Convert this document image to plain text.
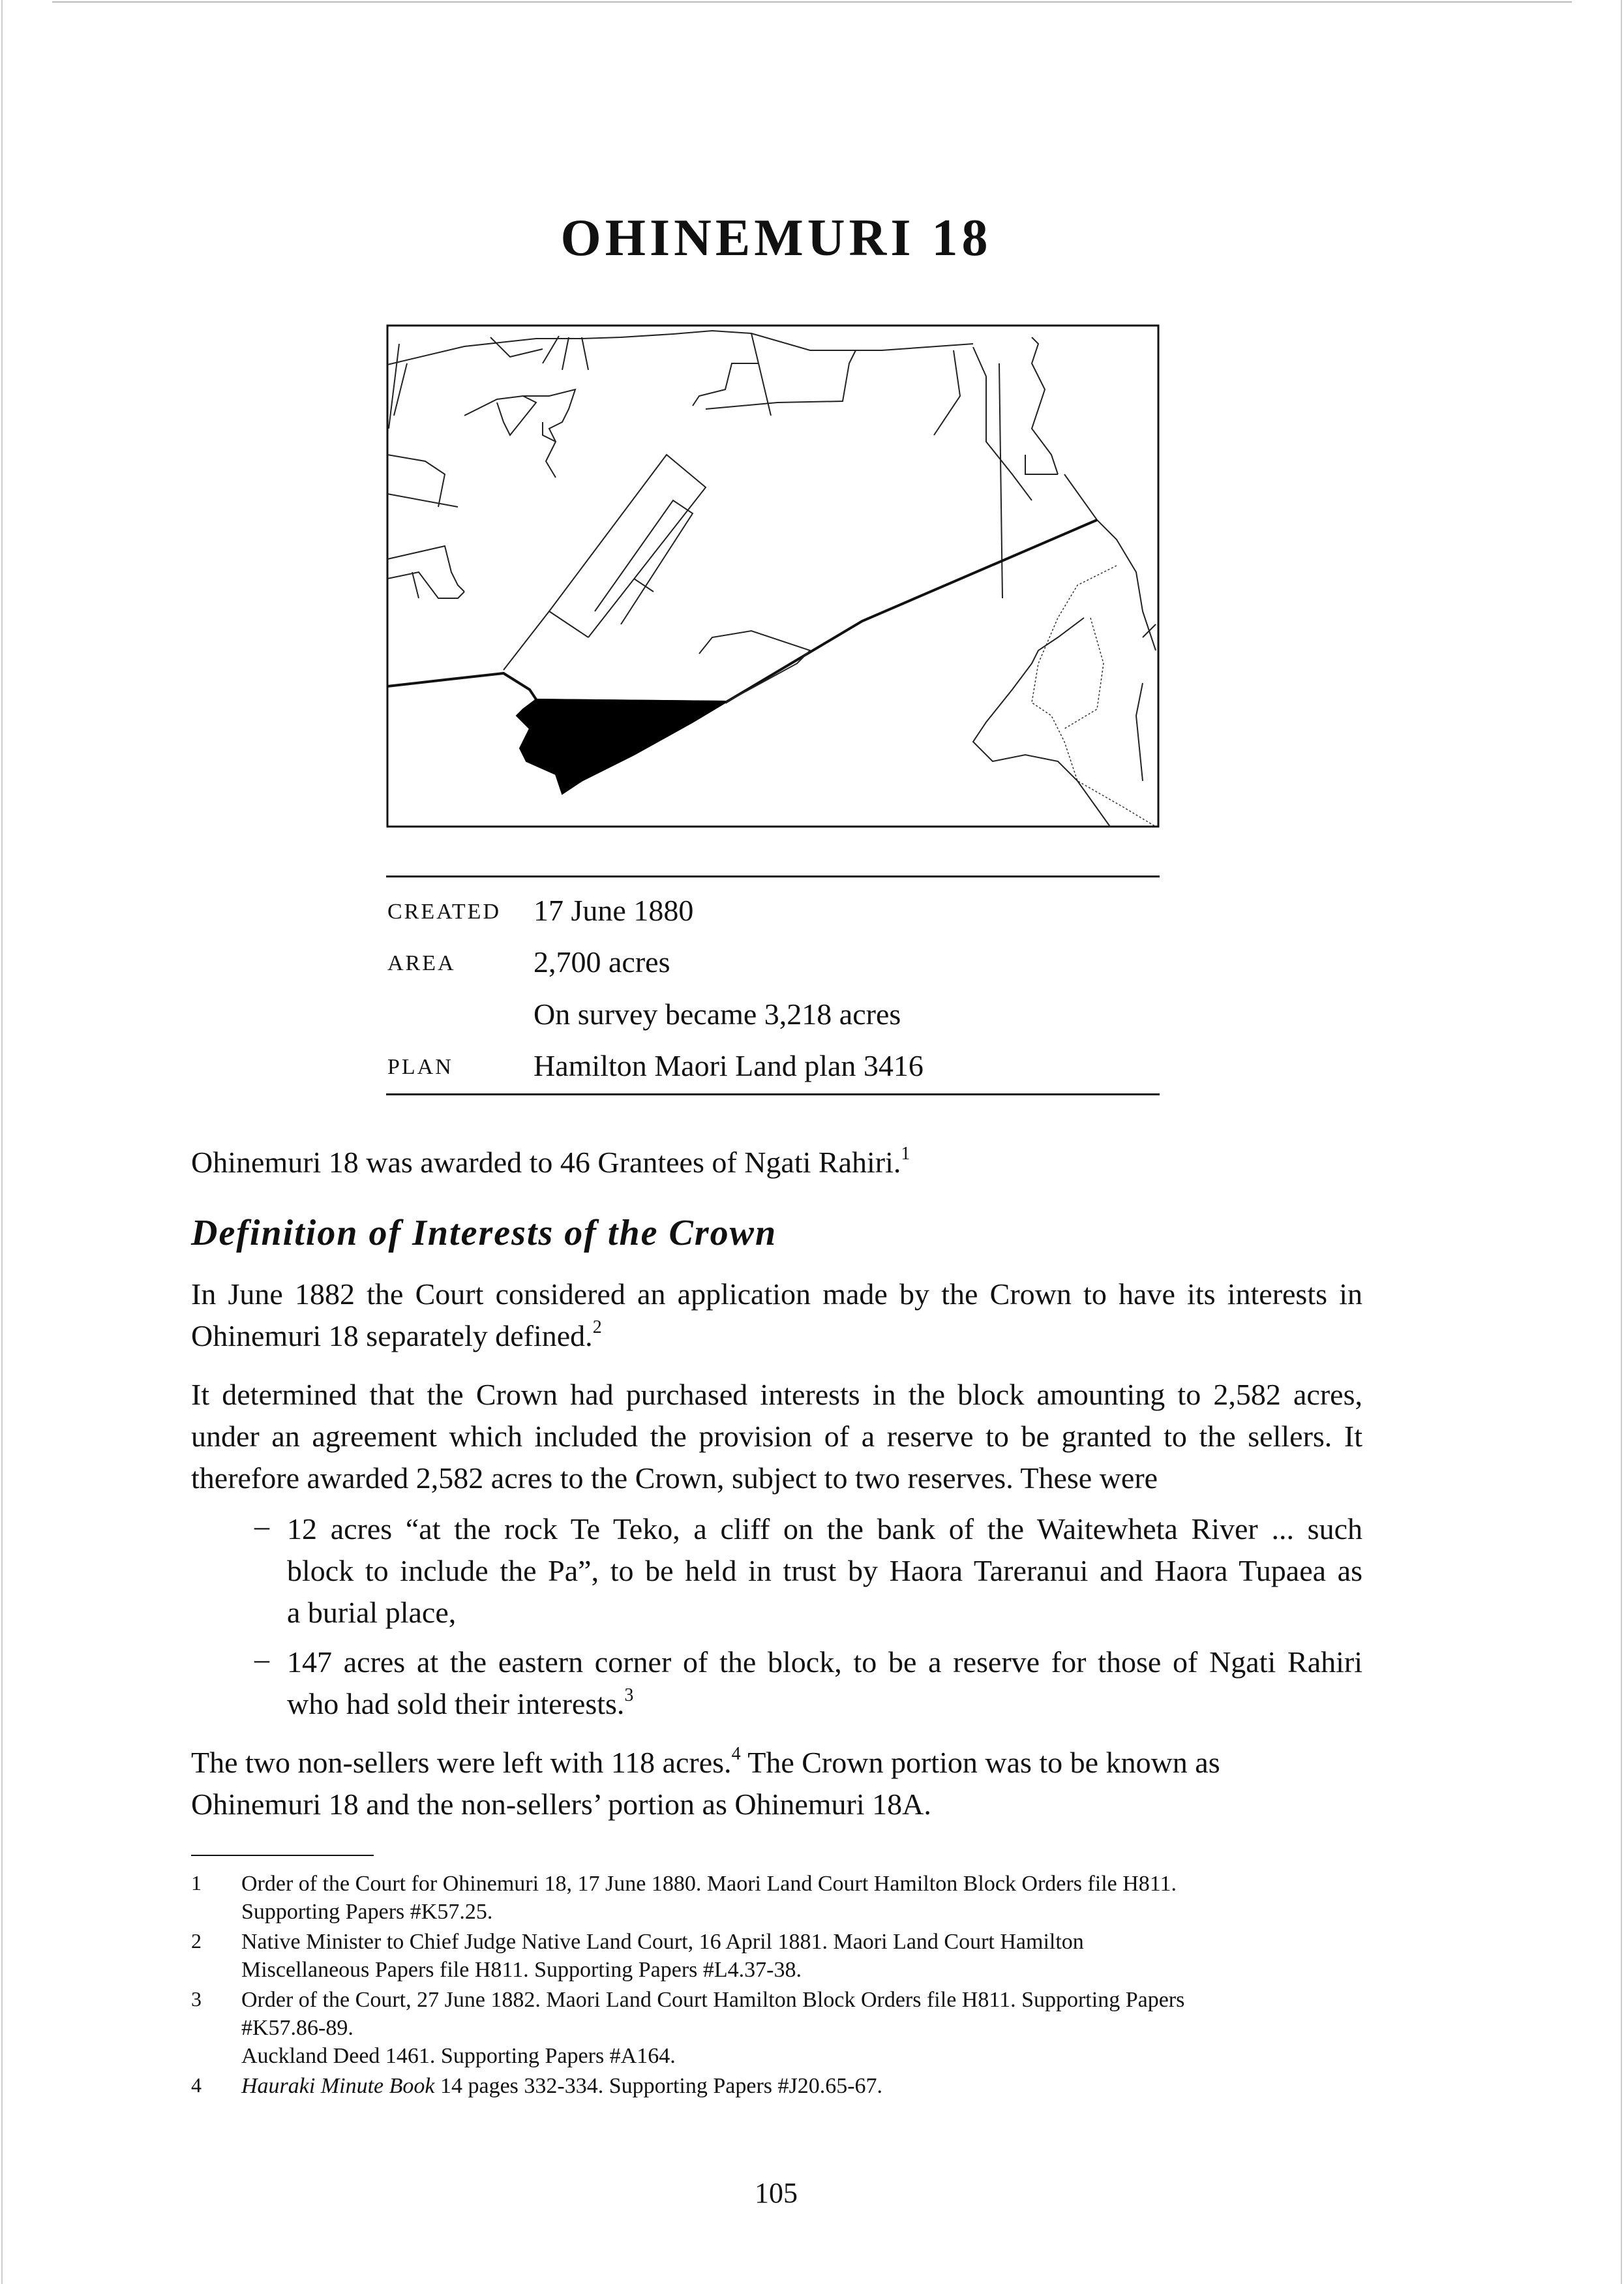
OHINEMURI 18
CREATED 17 June 1880
AREA	2,700 acres
On survey became 3,218 acres
PLAN	Hamilton Maori Land plan 3416

Ohinemuri 18 was awarded to 46 Grantees of Ngati Rahiri.$^1$

Definition of Interests of the Crown

In June 1882 the Court considered an application made by the Crown to have its interests in

Ohinemuri 18 separately defined.$^2$

It determined that the Crown had purchased interests in the block amounting to 2,582 acres,

under an agreement which included the provision of a reserve to be granted to the sellers. It

therefore awarded 2,582 acres to the Crown, subject to two reserves. These were

– 12 acres “at the rock Te Teko, a cliff on the bank of the Waitewheta River ... such

block to include the Pa”, to be held in trust by Haora Tareranui and Haora Tupaea as

a burial place,

– 147 acres at the eastern corner of the block, to be a reserve for those of Ngati Rahiri

who had sold their interests.$^3$

The two non-sellers were left with 118 acres.$^4$ The Crown portion was to be known as

Ohinemuri 18 and the non-sellers’ portion as Ohinemuri 18A.

1 Order of the Court for Ohinemuri 18, 17 June 1880. Maori Land Court Hamilton Block Orders file H811.

Supporting Papers #K57.25.

2 Native Minister to Chief Judge Native Land Court, 16 April 1881. Maori Land Court Hamilton

Miscellaneous Papers file H811. Supporting Papers #L4.37-38.

3 Order of the Court, 27 June 1882. Maori Land Court Hamilton Block Orders file H811. Supporting Papers

#K57.86-89.

Auckland Deed 1461. Supporting Papers #A164.

4 Hauraki Minute Book 14 pages 332-334. Supporting Papers #J20.65-67.

105
